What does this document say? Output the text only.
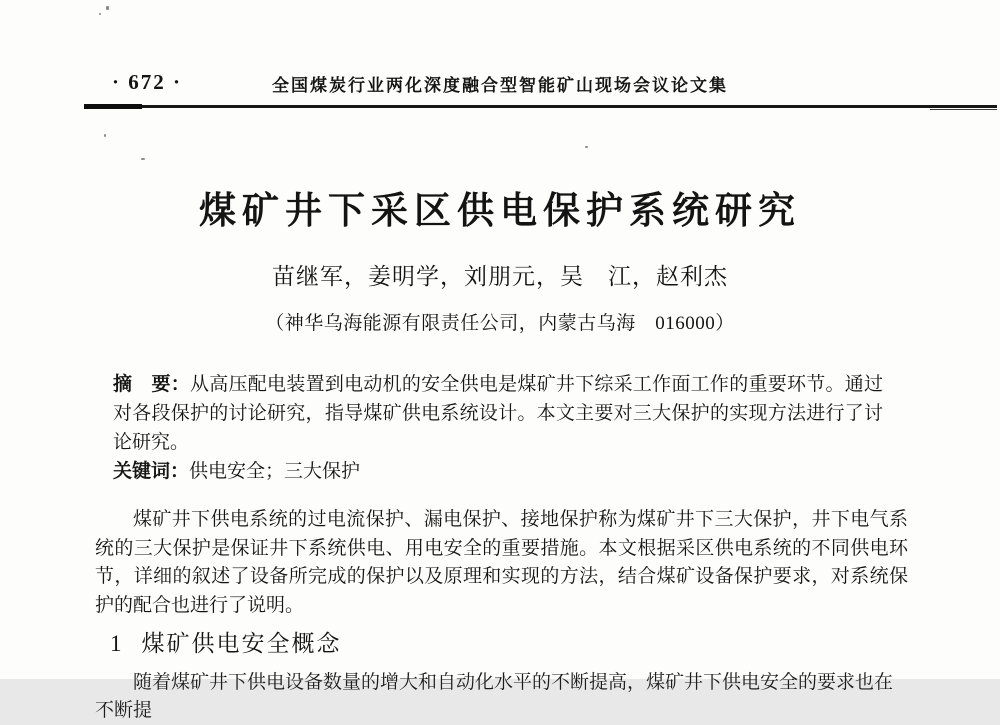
· 672 ·	全国煤炭行业两化深度融合型智能矿山现场会议论文集
煤矿井下采区供电保护系统研究
苗继军，姜明学，刘朋元，吴　江，赵利杰
（神华乌海能源有限责任公司，内蒙古乌海　016000）

摘　要：从高压配电装置到电动机的安全供电是煤矿井下综采工作面工作的重要环节。通过对各段保护的讨论研究，指导煤矿供电系统设计。本文主要对三大保护的实现方法进行了讨论研究。

关键词：供电安全；三大保护

煤矿井下供电系统的过电流保护、漏电保护、接地保护称为煤矿井下三大保护，井下电气系统的三大保护是保证井下系统供电、用电安全的重要措施。本文根据采区供电系统的不同供电环节，详细的叙述了设备所完成的保护以及原理和实现的方法，结合煤矿设备保护要求，对系统保护的配合也进行了说明。

1 煤矿供电安全概念

随着煤矿井下供电设备数量的增大和自动化水平的不断提高，煤矿井下供电安全的要求也在不断提
